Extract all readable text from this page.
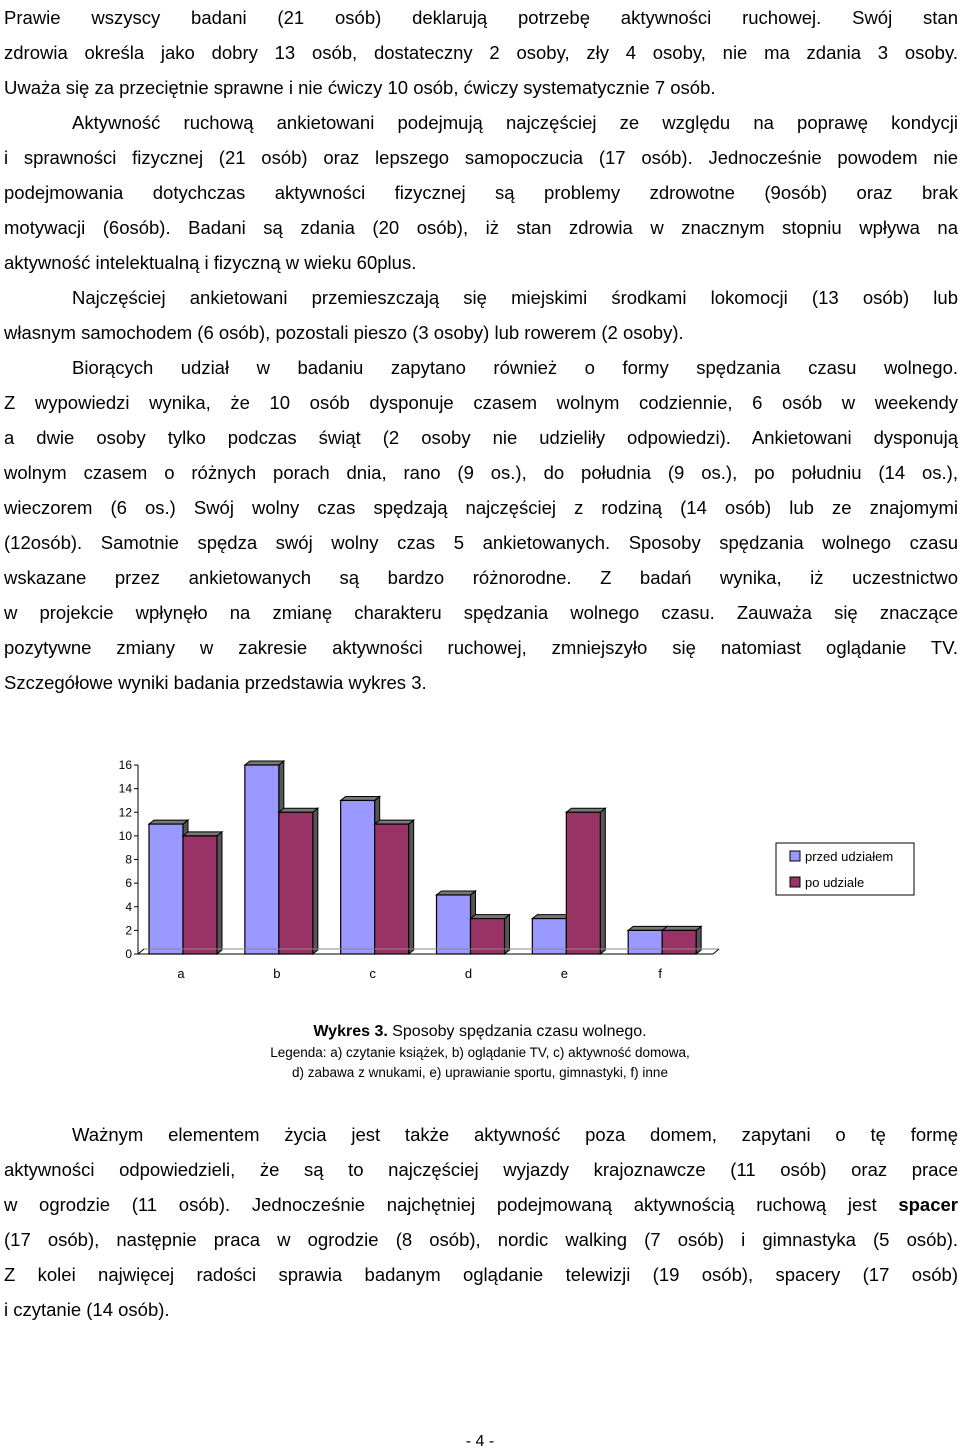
Prawie wszyscy badani (21 osób) deklarują potrzebę aktywności ruchowej. Swój stan

zdrowia określa jako dobry 13 osób, dostateczny 2 osoby, zły 4 osoby, nie ma zdania 3 osoby.

Uważa się za przeciętnie sprawne i nie ćwiczy 10 osób, ćwiczy systematycznie 7 osób.

Aktywność ruchową ankietowani podejmują najczęściej ze względu na poprawę kondycji

i sprawności fizycznej (21 osób) oraz lepszego samopoczucia (17 osób). Jednocześnie powodem nie

podejmowania dotychczas aktywności fizycznej są problemy zdrowotne (9osób) oraz brak

motywacji (6osób). Badani są zdania (20 osób), iż stan zdrowia w znacznym stopniu wpływa na

aktywność intelektualną i fizyczną w wieku 60plus.

Najczęściej ankietowani przemieszczają się miejskimi środkami lokomocji (13 osób) lub

własnym samochodem (6 osób), pozostali pieszo (3 osoby) lub rowerem (2 osoby).

Biorących udział w badaniu zapytano również o formy spędzania czasu wolnego.

Z wypowiedzi wynika, że 10 osób dysponuje czasem wolnym codziennie, 6 osób w weekendy

a dwie osoby tylko podczas świąt (2 osoby nie udzieliły odpowiedzi). Ankietowani dysponują

wolnym czasem o różnych porach dnia, rano (9 os.), do południa (9 os.), po południu (14 os.),

wieczorem (6 os.) Swój wolny czas spędzają najczęściej z rodziną (14 osób) lub ze znajomymi

(12osób). Samotnie spędza swój wolny czas 5 ankietowanych. Sposoby spędzania wolnego czasu

wskazane przez ankietowanych są bardzo różnorodne. Z badań wynika, iż uczestnictwo

w projekcie wpłynęło na zmianę charakteru spędzania wolnego czasu. Zauważa się znaczące

pozytywne zmiany w zakresie aktywności ruchowej, zmniejszyło się natomiast oglądanie TV.

Szczegółowe wyniki badania przedstawia wykres 3.

0
2
4
6
8
10
12
14
16
a	b	c	d	e	f
przed udziałem
po udziale

Wykres 3. Sposoby spędzania czasu wolnego.

Legenda: a) czytanie książek, b) oglądanie TV, c) aktywność domowa,

d) zabawa z wnukami, e) uprawianie sportu, gimnastyki, f) inne

Ważnym elementem życia jest także aktywność poza domem, zapytani o tę formę

aktywności odpowiedzieli, że są to najczęściej wyjazdy krajoznawcze (11 osób) oraz prace

w ogrodzie (11 osób). Jednocześnie najchętniej podejmowaną aktywnością ruchową jest spacer

(17 osób), następnie praca w ogrodzie (8 osób), nordic walking (7 osób) i gimnastyka (5 osób).

Z kolei najwięcej radości sprawia badanym oglądanie telewizji (19 osób), spacery (17 osób)

i czytanie (14 osób).

- 4 -
